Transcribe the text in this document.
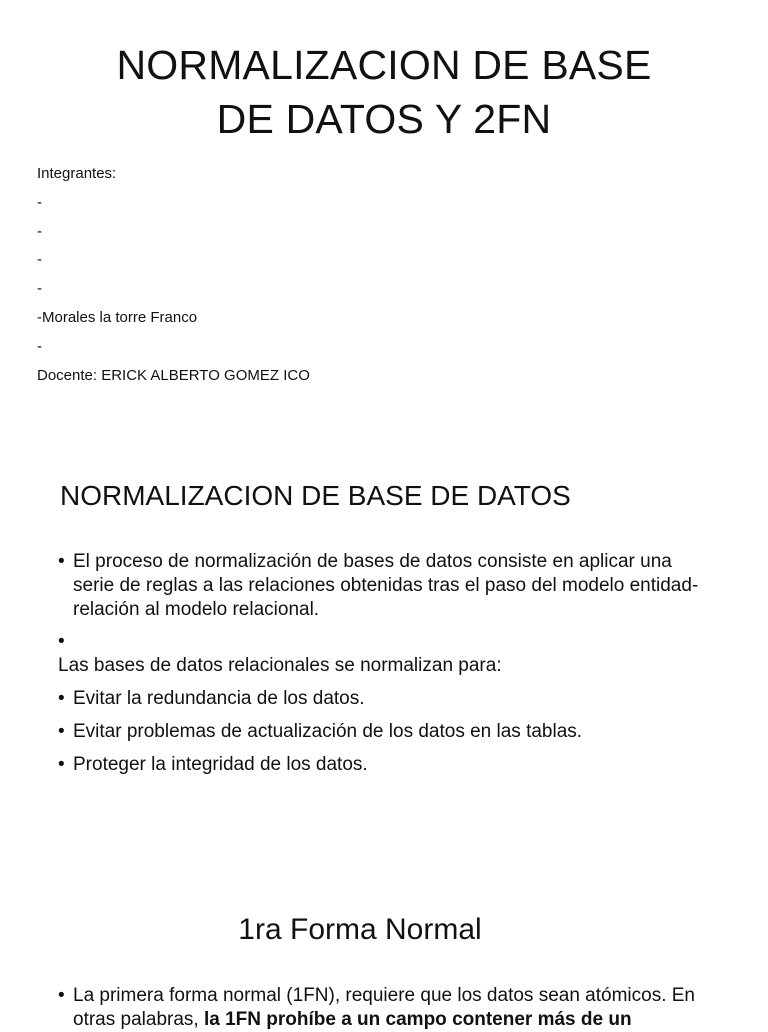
NORMALIZACION DE BASE
DE DATOS Y 2FN
Integrantes:
-
-
-
-
-Morales la torre Franco
-
Docente: ERICK ALBERTO GOMEZ ICO
NORMALIZACION DE BASE DE DATOS
• El proceso de normalización de bases de datos consiste en aplicar una serie de reglas a las relaciones obtenidas tras el paso del modelo entidad-relación al modelo relacional.
•
Las bases de datos relacionales se normalizan para:
• Evitar la redundancia de los datos.
• Evitar problemas de actualización de los datos en las tablas.
• Proteger la integridad de los datos.
1ra Forma Normal
• La primera forma normal (1FN), requiere que los datos sean atómicos. En otras palabras, la 1FN prohíbe a un campo contener más de un
